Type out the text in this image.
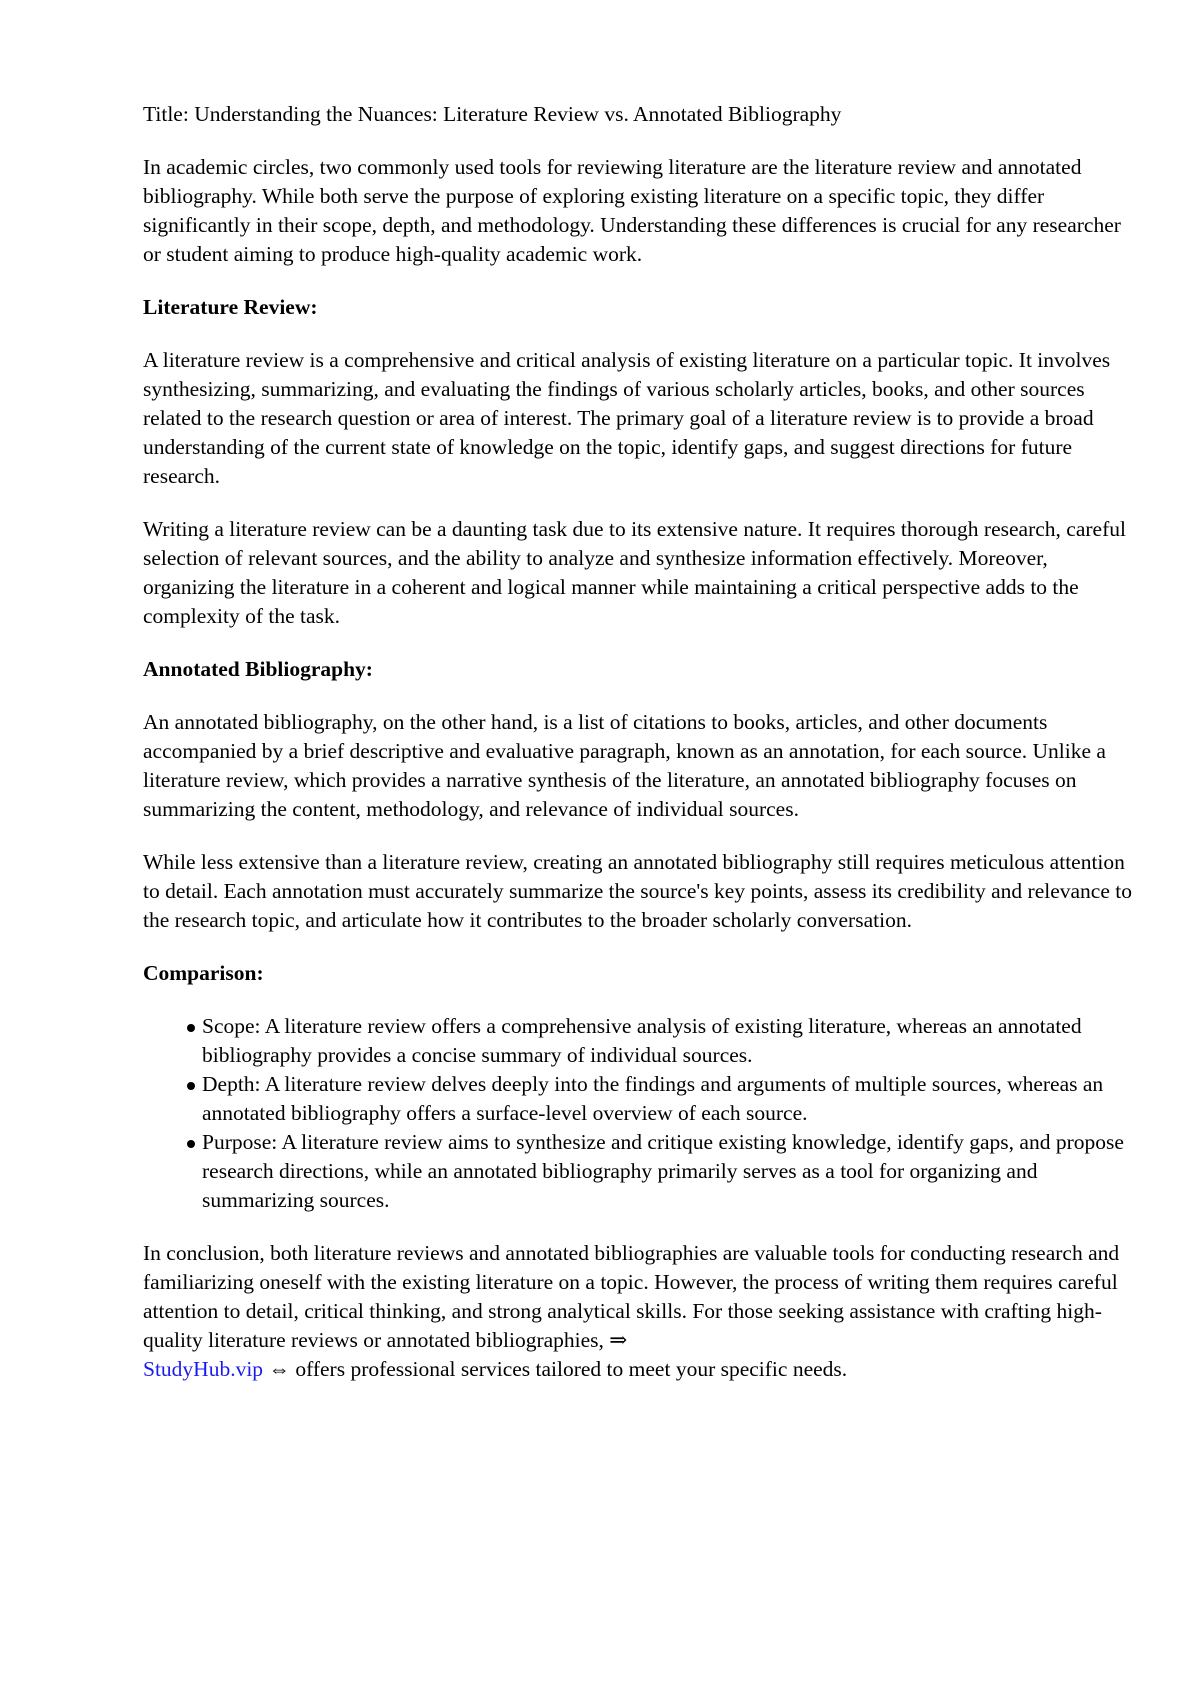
Title: Understanding the Nuances: Literature Review vs. Annotated Bibliography

In academic circles, two commonly used tools for reviewing literature are the literature review and annotated bibliography. While both serve the purpose of exploring existing literature on a specific topic, they differ significantly in their scope, depth, and methodology. Understanding these differences is crucial for any researcher or student aiming to produce high-quality academic work.

Literature Review:

A literature review is a comprehensive and critical analysis of existing literature on a particular topic. It involves synthesizing, summarizing, and evaluating the findings of various scholarly articles, books, and other sources related to the research question or area of interest. The primary goal of a literature review is to provide a broad understanding of the current state of knowledge on the topic, identify gaps, and suggest directions for future research.

Writing a literature review can be a daunting task due to its extensive nature. It requires thorough research, careful selection of relevant sources, and the ability to analyze and synthesize information effectively. Moreover, organizing the literature in a coherent and logical manner while maintaining a critical perspective adds to the complexity of the task.

Annotated Bibliography:

An annotated bibliography, on the other hand, is a list of citations to books, articles, and other documents accompanied by a brief descriptive and evaluative paragraph, known as an annotation, for each source. Unlike a literature review, which provides a narrative synthesis of the literature, an annotated bibliography focuses on summarizing the content, methodology, and relevance of individual sources.

While less extensive than a literature review, creating an annotated bibliography still requires meticulous attention to detail. Each annotation must accurately summarize the source's key points, assess its credibility and relevance to the research topic, and articulate how it contributes to the broader scholarly conversation.

Comparison:
Scope: A literature review offers a comprehensive analysis of existing literature, whereas an annotated bibliography provides a concise summary of individual sources.
Depth: A literature review delves deeply into the findings and arguments of multiple sources, whereas an annotated bibliography offers a surface-level overview of each source.
Purpose: A literature review aims to synthesize and critique existing knowledge, identify gaps, and propose research directions, while an annotated bibliography primarily serves as a tool for organizing and summarizing sources.

In conclusion, both literature reviews and annotated bibliographies are valuable tools for conducting research and familiarizing oneself with the existing literature on a topic. However, the process of writing them requires careful attention to detail, critical thinking, and strong analytical skills. For those seeking assistance with crafting high-quality literature reviews or annotated bibliographies, ⇒
StudyHub.vip ⇔ offers professional services tailored to meet your specific needs.
